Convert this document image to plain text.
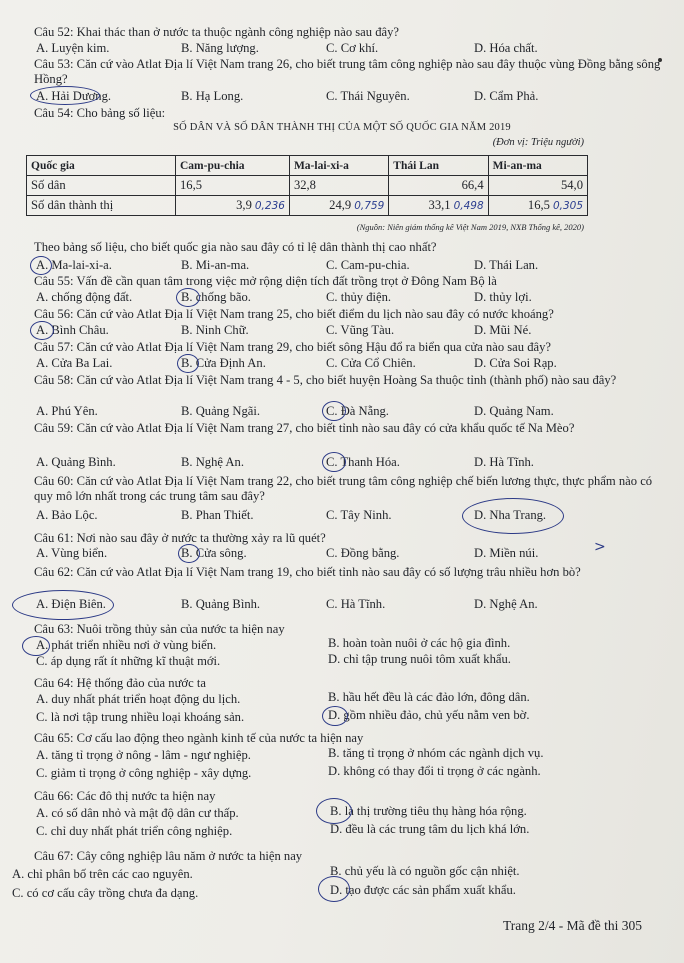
Câu 52: Khai thác than ở nước ta thuộc ngành công nghiệp nào sau đây?
A. Luyện kim.	B. Năng lượng.	C. Cơ khí.	D. Hóa chất.
Câu 53: Căn cứ vào Atlat Địa lí Việt Nam trang 26, cho biết trung tâm công nghiệp nào sau đây thuộc vùng Đồng bằng sông Hồng?
A. Hải Dương.	B. Hạ Long.	C. Thái Nguyên.	D. Cẩm Phả.
Câu 54: Cho bảng số liệu:
SỐ DÂN VÀ SỐ DÂN THÀNH THỊ CỦA MỘT SỐ QUỐC GIA NĂM 2019
(Đơn vị: Triệu người)
Quốc gia	Cam-pu-chia	Ma-lai-xi-a	Thái Lan	Mi-an-ma
Số dân	16,5	32,8	66,4	54,0
Số dân thành thị	3,9 0,236	24,9 0,759	33,1 0,498	16,5 0,305
(Nguồn: Niên giám thống kê Việt Nam 2019, NXB Thống kê, 2020)
Theo bảng số liệu, cho biết quốc gia nào sau đây có tỉ lệ dân thành thị cao nhất?
A. Ma-lai-xi-a.	B. Mi-an-ma.	C. Cam-pu-chia.	D. Thái Lan.
Câu 55: Vấn đề cần quan tâm trong việc mở rộng diện tích đất trồng trọt ở Đông Nam Bộ là
A. chống động đất.	B. chống bão.	C. thủy điện.	D. thủy lợi.
Câu 56: Căn cứ vào Atlat Địa lí Việt Nam trang 25, cho biết điểm du lịch nào sau đây có nước khoáng?
A. Bình Châu.	B. Ninh Chữ.	C. Vũng Tàu.	D. Mũi Né.
Câu 57: Căn cứ vào Atlat Địa lí Việt Nam trang 29, cho biết sông Hậu đổ ra biển qua cửa nào sau đây?
A. Cửa Ba Lai.	B. Cửa Định An.	C. Cửa Cổ Chiên.	D. Cửa Soi Rạp.
Câu 58: Căn cứ vào Atlat Địa lí Việt Nam trang 4 - 5, cho biết huyện Hoàng Sa thuộc tỉnh (thành phố) nào sau đây?
A. Phú Yên.	B. Quảng Ngãi.	C. Đà Nẵng.	D. Quảng Nam.
Câu 59: Căn cứ vào Atlat Địa lí Việt Nam trang 27, cho biết tỉnh nào sau đây có cửa khẩu quốc tế Na Mèo?
A. Quảng Bình.	B. Nghệ An.	C. Thanh Hóa.	D. Hà Tĩnh.
Câu 60: Căn cứ vào Atlat Địa lí Việt Nam trang 22, cho biết trung tâm công nghiệp chế biến lương thực, thực phẩm nào có quy mô lớn nhất trong các trung tâm sau đây?
A. Bảo Lộc.	B. Phan Thiết.	C. Tây Ninh.	D. Nha Trang.
Câu 61: Nơi nào sau đây ở nước ta thường xảy ra lũ quét?
A. Vùng biển.	B. Cửa sông.	C. Đồng bằng.	D. Miền núi.	>
Câu 62: Căn cứ vào Atlat Địa lí Việt Nam trang 19, cho biết tỉnh nào sau đây có số lượng trâu nhiều hơn bò?
A. Điện Biên.	B. Quảng Bình.	C. Hà Tĩnh.	D. Nghệ An.
Câu 63: Nuôi trồng thủy sản của nước ta hiện nay
A. phát triển nhiều nơi ở vùng biển.	B. hoàn toàn nuôi ở các hộ gia đình.
C. áp dụng rất ít những kĩ thuật mới.	D. chỉ tập trung nuôi tôm xuất khẩu.
Câu 64: Hệ thống đảo của nước ta
A. duy nhất phát triển hoạt động du lịch.	B. hầu hết đều là các đảo lớn, đông dân.
C. là nơi tập trung nhiều loại khoáng sản.	D. gồm nhiều đảo, chủ yếu nằm ven bờ.
Câu 65: Cơ cấu lao động theo ngành kinh tế của nước ta hiện nay
A. tăng tỉ trọng ở nông - lâm - ngư nghiệp.	B. tăng tỉ trọng ở nhóm các ngành dịch vụ.
C. giảm tỉ trọng ở công nghiệp - xây dựng.	D. không có thay đổi tỉ trọng ở các ngành.
Câu 66: Các đô thị nước ta hiện nay
A. có số dân nhỏ và mật độ dân cư thấp.	B. là thị trường tiêu thụ hàng hóa rộng.
C. chỉ duy nhất phát triển công nghiệp.	D. đều là các trung tâm du lịch khá lớn.
Câu 67: Cây công nghiệp lâu năm ở nước ta hiện nay
A. chỉ phân bố trên các cao nguyên.	B. chủ yếu là có nguồn gốc cận nhiệt.
C. có cơ cấu cây trồng chưa đa dạng.	D. tạo được các sản phẩm xuất khẩu.
Trang 2/4 - Mã đề thi 305
